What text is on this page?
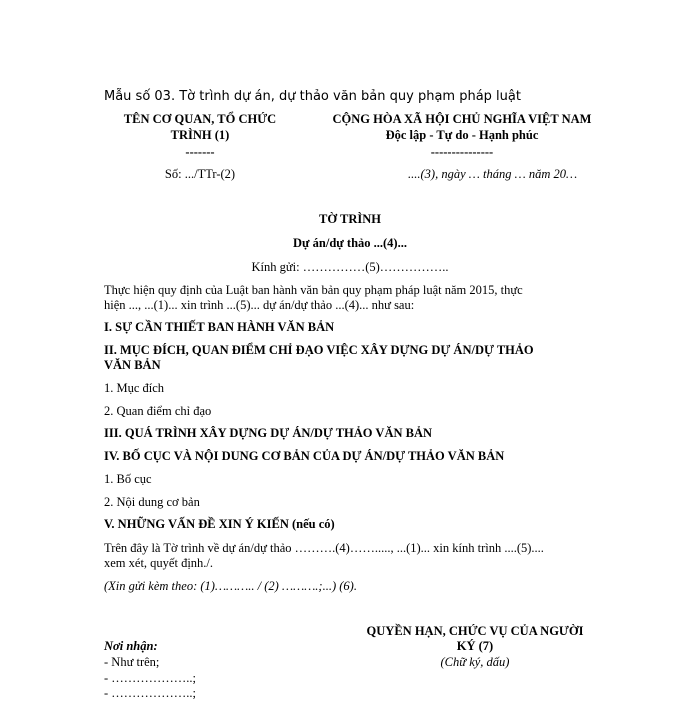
Mẫu số 03. Tờ trình dự án, dự thảo văn bản quy phạm pháp luật
TÊN CƠ QUAN, TỔ CHỨC
TRÌNH (1)
-------
Số: .../TTr-(2)
CỘNG HÒA XÃ HỘI CHỦ NGHĨA VIỆT NAM
Độc lập - Tự do - Hạnh phúc
---------------
....(3), ngày … tháng … năm 20…
TỜ TRÌNH
Dự án/dự thảo ...(4)...
Kính gửi: ……………(5)……………..
Thực hiện quy định của Luật ban hành văn bản quy phạm pháp luật năm 2015, thực
hiện ..., ...(1)... xin trình ...(5)... dự án/dự thảo ...(4)... như sau:
I. SỰ CẦN THIẾT BAN HÀNH VĂN BẢN
II. MỤC ĐÍCH, QUAN ĐIỂM CHỈ ĐẠO VIỆC XÂY DỰNG DỰ ÁN/DỰ THẢO
VĂN BẢN
1. Mục đích
2. Quan điểm chỉ đạo
III. QUÁ TRÌNH XÂY DỰNG DỰ ÁN/DỰ THẢO VĂN BẢN
IV. BỐ CỤC VÀ NỘI DUNG CƠ BẢN CỦA DỰ ÁN/DỰ THẢO VĂN BẢN
1. Bố cục
2. Nội dung cơ bản
V. NHỮNG VẤN ĐỀ XIN Ý KIẾN (nếu có)
Trên đây là Tờ trình về dự án/dự thảo ……….(4)……....., ...(1)... xin kính trình ....(5)....
xem xét, quyết định./.
(Xin gửi kèm theo: (1)……….. / (2) ……….;...) (6).
QUYỀN HẠN, CHỨC VỤ CỦA NGƯỜI
KÝ (7)
(Chữ ký, dấu)
Nơi nhận:
- Như trên;
- ………………..;
- ………………..;
